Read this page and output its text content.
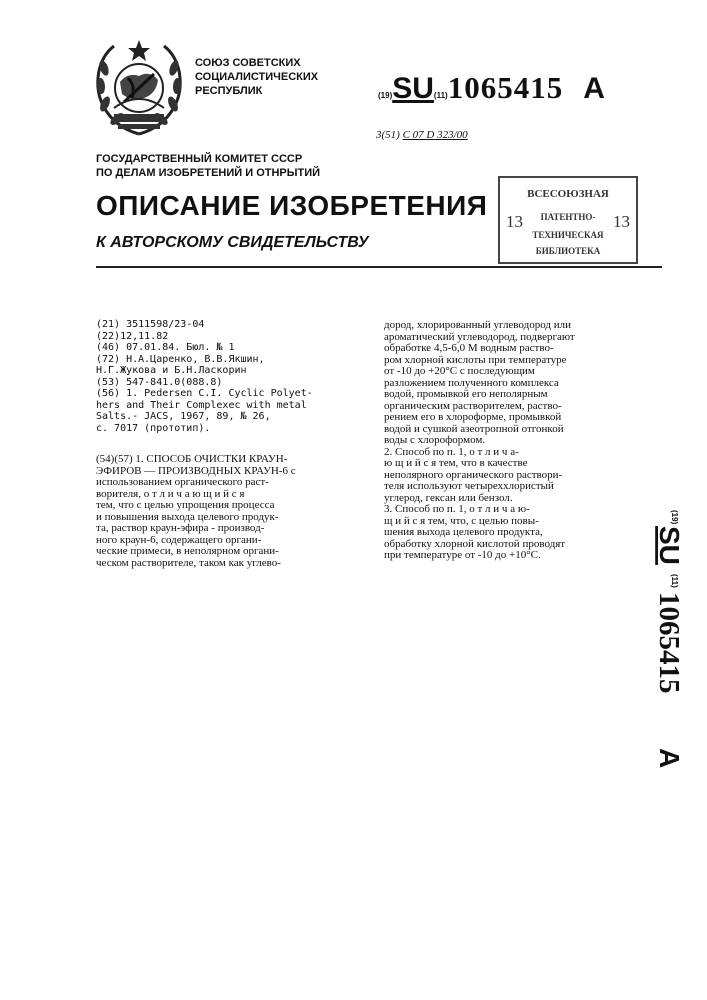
СОЮЗ СОВЕТСКИХ
СОЦИАЛИСТИЧЕСКИХ
РЕСПУБЛИК	(19)SU(11)1065415 A
3(51) С 07 D 323/00
ГОСУДАРСТВЕННЫЙ КОМИТЕТ СССР
ПО ДЕЛАМ ИЗОБРЕТЕНИЙ И ОТНРЫТИЙ
ОПИСАНИЕ ИЗОБРЕТЕНИЯ
К АВТОРСКОМУ СВИДЕТЕЛЬСТВУ
ВСЕСОЮЗНАЯ
ПАТЕНТНО-
ТЕХНИЧЕСКАЯ
БИБЛИОТЕКА
13	13
(21) 3511598/23-04
(22)12,11.82
(46) 07.01.84. Бюл. № 1
(72) Н.А.Царенко, В.В.Якшин,
Н.Г.Жукова и Б.Н.Ласкорин
(53) 547-841.0(088.8)
(56) 1. Pedersen C.I. Cyclic Polyet-
hers and Their Complexec with metal
Salts.- JACS, 1967, 89, № 26,
с. 7017 (прототип).
(54)(57) 1. СПОСОБ ОЧИСТКИ КРАУН-
ЭФИРОВ — ПРОИЗВОДНЫХ КРАУН-6 с
использованием органического раст-
ворителя, о т л и ч а ю щ и й с я
тем, что с целью упрощения процесса
и повышения выхода целевого продук-
та, раствор краун-эфира - производ-
ного краун-6, содержащего органи-
ческие примеси, в неполярном органи-
ческом растворителе, таком как углево-
дород, хлорированный углеводород или
ароматический углеводород, подвергают
обработке 4,5-6,0 М водным раство-
ром хлорной кислоты при температуре
от -10 до +20°С с последующим
разложением полученного комплекса
водой, промывкой его неполярным
органическим растворителем, раство-
рением его в хлороформе, промывкой
водой и сушкой азеотропной отгонкой
воды с хлороформом.
2. Способ по п. 1, о т л и ч а-
ю щ и й с я тем, что в качестве
неполярного органического раствори-
теля используют четыреххлористый
углерод, гексан или бензол.
3. Способ по п. 1, о т л и ч а ю-
щ и й с я тем, что, с целью повы-
шения выхода целевого продукта,
обработку хлорной кислотой проводят
при температуре от -10 до +10°С.
(19)
SU
(11)
1065415
A
